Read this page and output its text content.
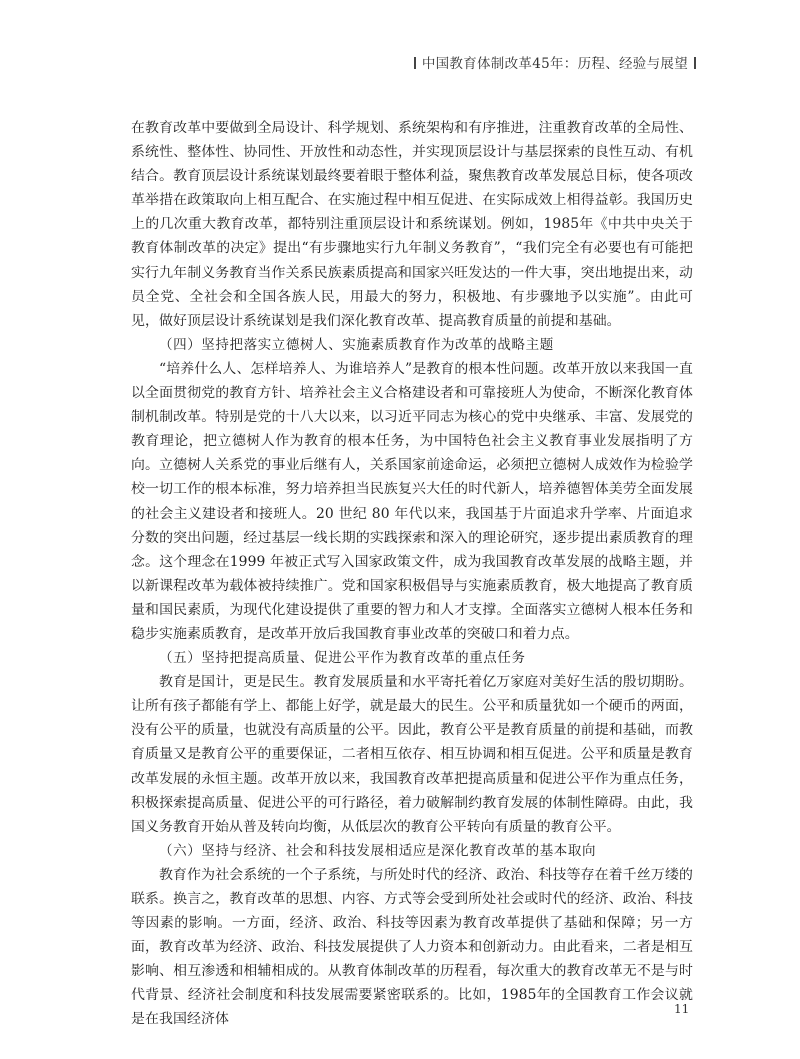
中国教育体制改革45年：历程、经验与展望

在教育改革中要做到全局设计、科学规划、系统架构和有序推进，注重教育改革的全局性、系统性、整体性、协同性、开放性和动态性，并实现顶层设计与基层探索的良性互动、有机结合。教育顶层设计系统谋划最终要着眼于整体利益，聚焦教育改革发展总目标，使各项改革举措在政策取向上相互配合、在实施过程中相互促进、在实际成效上相得益彰。我国历史上的几次重大教育改革，都特别注重顶层设计和系统谋划。例如，1985年《中共中央关于教育体制改革的决定》提出“有步骤地实行九年制义务教育”，“我们完全有必要也有可能把实行九年制义务教育当作关系民族素质提高和国家兴旺发达的一件大事，突出地提出来，动员全党、全社会和全国各族人民，用最大的努力，积极地、有步骤地予以实施”。由此可见，做好顶层设计系统谋划是我们深化教育改革、提高教育质量的前提和基础。

（四）坚持把落实立德树人、实施素质教育作为改革的战略主题

“培养什么人、怎样培养人、为谁培养人”是教育的根本性问题。改革开放以来我国一直以全面贯彻党的教育方针、培养社会主义合格建设者和可靠接班人为使命，不断深化教育体制机制改革。特别是党的十八大以来，以习近平同志为核心的党中央继承、丰富、发展党的教育理论，把立德树人作为教育的根本任务，为中国特色社会主义教育事业发展指明了方向。立德树人关系党的事业后继有人，关系国家前途命运，必须把立德树人成效作为检验学校一切工作的根本标准，努力培养担当民族复兴大任的时代新人，培养德智体美劳全面发展的社会主义建设者和接班人。20 世纪 80 年代以来，我国基于片面追求升学率、片面追求分数的突出问题，经过基层一线长期的实践探索和深入的理论研究，逐步提出素质教育的理念。这个理念在1999 年被正式写入国家政策文件，成为我国教育改革发展的战略主题，并以新课程改革为载体被持续推广。党和国家积极倡导与实施素质教育，极大地提高了教育质量和国民素质，为现代化建设提供了重要的智力和人才支撑。全面落实立德树人根本任务和稳步实施素质教育，是改革开放后我国教育事业改革的突破口和着力点。

（五）坚持把提高质量、促进公平作为教育改革的重点任务

教育是国计，更是民生。教育发展质量和水平寄托着亿万家庭对美好生活的殷切期盼。让所有孩子都能有学上、都能上好学，就是最大的民生。公平和质量犹如一个硬币的两面，没有公平的质量，也就没有高质量的公平。因此，教育公平是教育质量的前提和基础，而教育质量又是教育公平的重要保证，二者相互依存、相互协调和相互促进。公平和质量是教育改革发展的永恒主题。改革开放以来，我国教育改革把提高质量和促进公平作为重点任务，积极探索提高质量、促进公平的可行路径，着力破解制约教育发展的体制性障碍。由此，我国义务教育开始从普及转向均衡，从低层次的教育公平转向有质量的教育公平。

（六）坚持与经济、社会和科技发展相适应是深化教育改革的基本取向

教育作为社会系统的一个子系统，与所处时代的经济、政治、科技等存在着千丝万缕的联系。换言之，教育改革的思想、内容、方式等会受到所处社会或时代的经济、政治、科技等因素的影响。一方面，经济、政治、科技等因素为教育改革提供了基础和保障；另一方面，教育改革为经济、政治、科技发展提供了人力资本和创新动力。由此看来，二者是相互影响、相互渗透和相辅相成的。从教育体制改革的历程看，每次重大的教育改革无不是与时代背景、经济社会制度和科技发展需要紧密联系的。比如，1985年的全国教育工作会议就是在我国经济体

11
